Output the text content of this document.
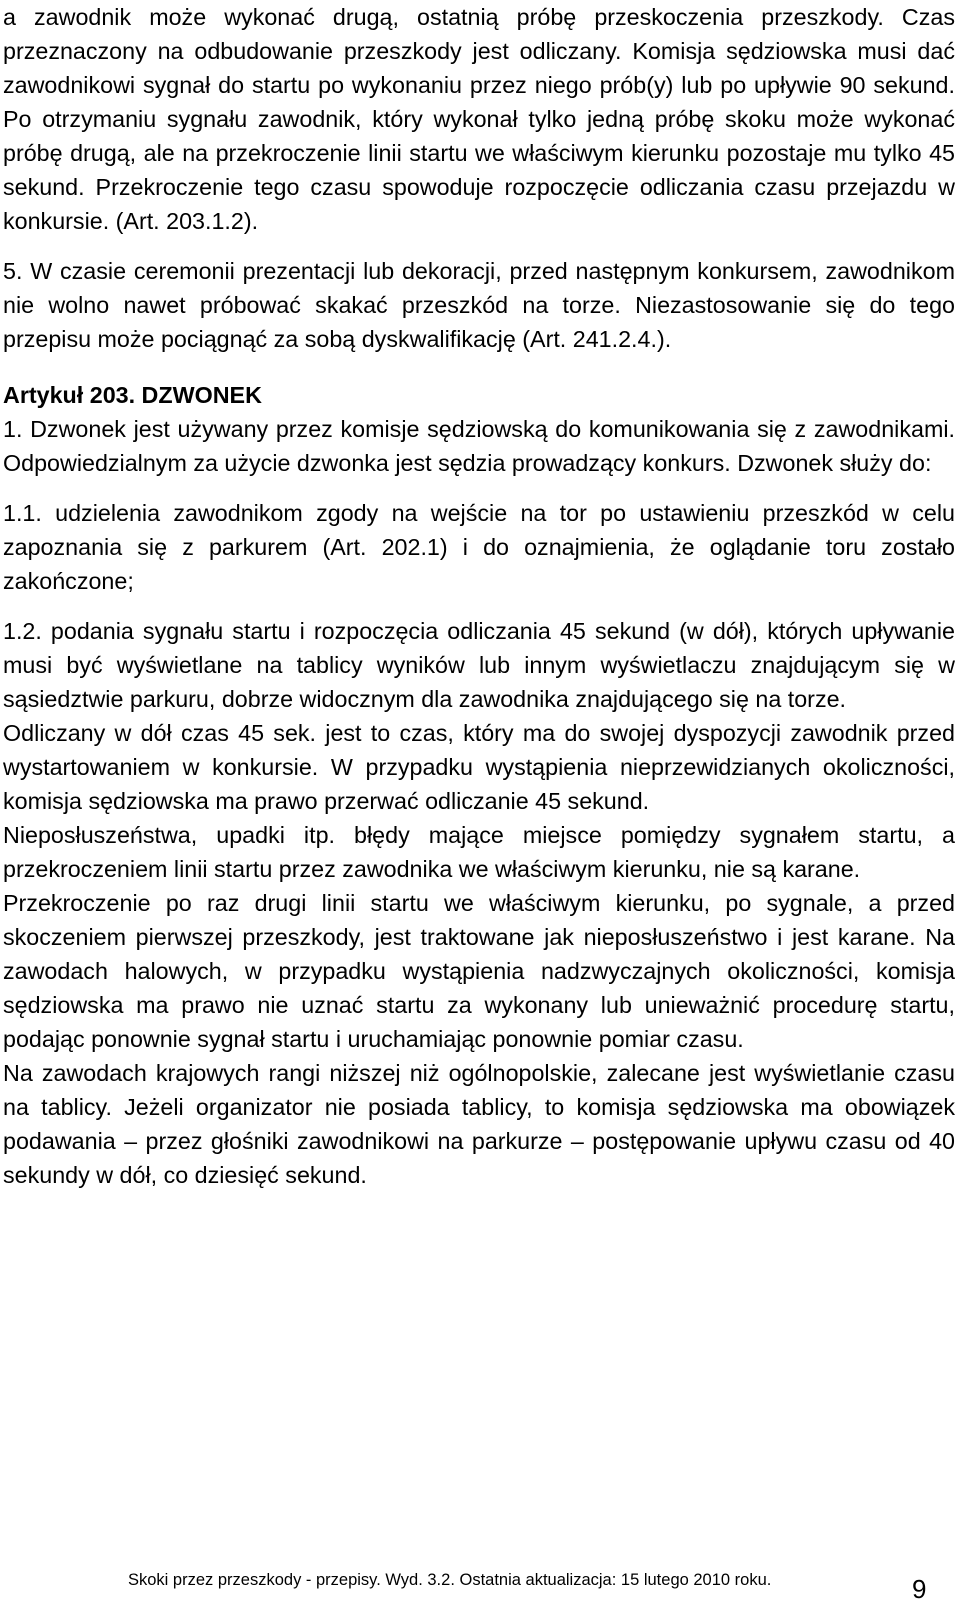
a zawodnik może wykonać drugą, ostatnią próbę przeskoczenia przeszkody. Czas przeznaczony na odbudowanie przeszkody jest odliczany. Komisja sędziowska musi dać zawodnikowi sygnał do startu po wykonaniu przez niego prób(y) lub po upływie 90 sekund. Po otrzymaniu sygnału zawodnik, który wykonał tylko jedną próbę skoku może wykonać próbę drugą, ale na przekroczenie linii startu we właściwym kierunku pozostaje mu tylko 45 sekund. Przekroczenie tego czasu spowoduje rozpoczęcie odliczania czasu przejazdu w konkursie. (Art. 203.1.2).

5. W czasie ceremonii prezentacji lub dekoracji, przed następnym konkursem, zawodnikom nie wolno nawet próbować skakać przeszkód na torze. Niezastosowanie się do tego przepisu może pociągnąć za sobą dyskwalifikację (Art. 241.2.4.).

Artykuł 203. DZWONEK

1. Dzwonek jest używany przez komisje sędziowską do komunikowania się z zawodnikami. Odpowiedzialnym za użycie dzwonka jest sędzia prowadzący konkurs. Dzwonek służy do:

1.1. udzielenia zawodnikom zgody na wejście na tor po ustawieniu przeszkód w celu zapoznania się z parkurem (Art. 202.1) i do oznajmienia, że oglądanie toru zostało zakończone;

1.2. podania sygnału startu i rozpoczęcia odliczania 45 sekund (w dół), których upływanie musi być wyświetlane na tablicy wyników lub innym wyświetlaczu znajdującym się w sąsiedztwie parkuru, dobrze widocznym dla zawodnika znajdującego się na torze.

Odliczany w dół czas 45 sek. jest to czas, który ma do swojej dyspozycji zawodnik przed wystartowaniem w konkursie. W przypadku wystąpienia nieprzewidzianych okoliczności, komisja sędziowska ma prawo przerwać odliczanie 45 sekund.

Nieposłuszeństwa, upadki itp. błędy mające miejsce pomiędzy sygnałem startu, a przekroczeniem linii startu przez zawodnika we właściwym kierunku, nie są karane.

Przekroczenie po raz drugi linii startu we właściwym kierunku, po sygnale, a przed skoczeniem pierwszej przeszkody, jest traktowane jak nieposłuszeństwo i jest karane. Na zawodach halowych, w przypadku wystąpienia nadzwyczajnych okoliczności, komisja sędziowska ma prawo nie uznać startu za wykonany lub unieważnić procedurę startu, podając ponownie sygnał startu i uruchamiając ponownie pomiar czasu.

Na zawodach krajowych rangi niższej niż ogólnopolskie, zalecane jest wyświetlanie czasu na tablicy. Jeżeli organizator nie posiada tablicy, to komisja sędziowska ma obowiązek podawania – przez głośniki zawodnikowi na parkurze – postępowanie upływu czasu od 40 sekundy w dół, co dziesięć sekund.

Skoki przez przeszkody - przepisy. Wyd. 3.2. Ostatnia aktualizacja: 15 lutego 2010 roku.	9
